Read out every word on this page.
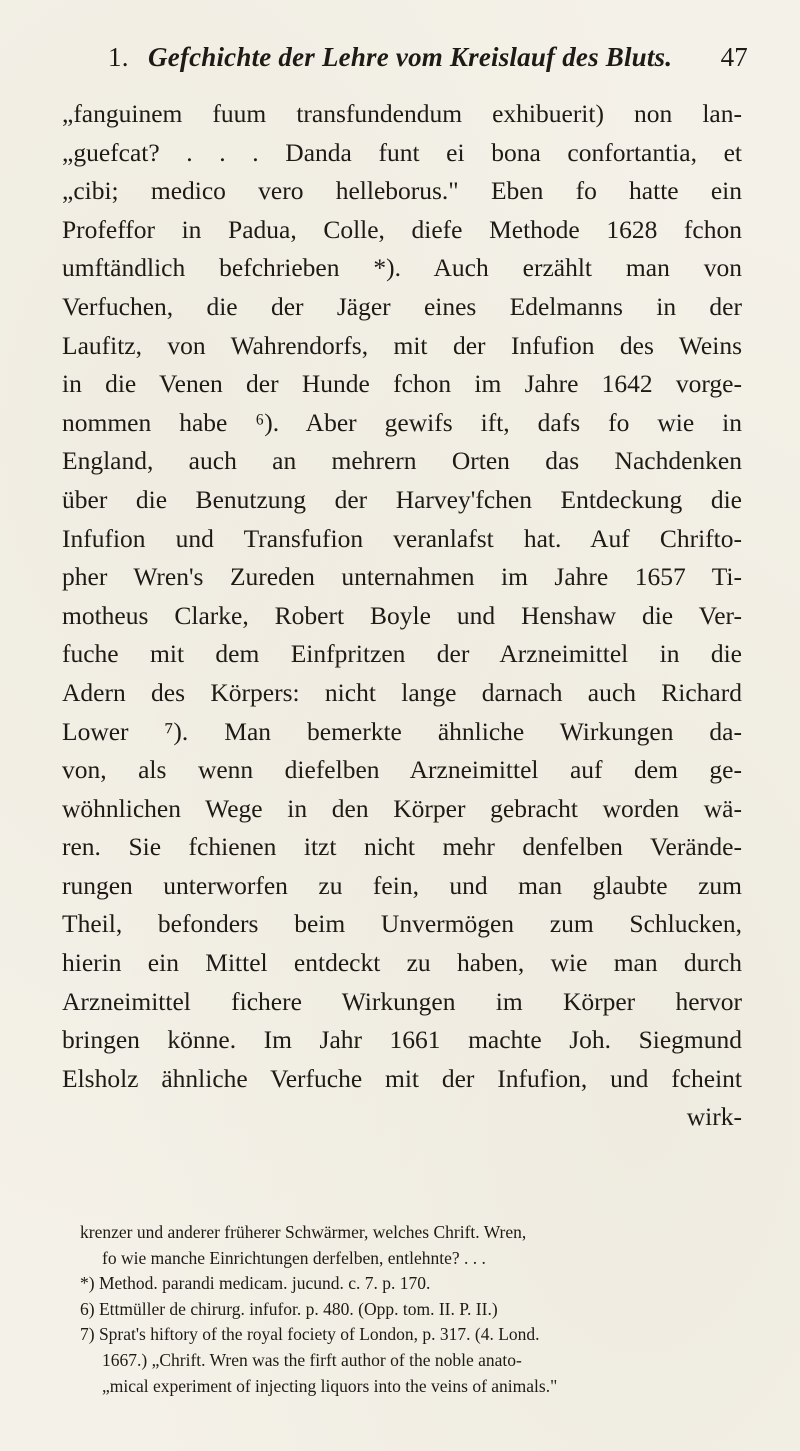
1. Gefchichte der Lehre vom Kreislauf des Bluts. 47
„fanguinem fuum transfundendum exhibuerit) non lan-
„guefcat? . . . Danda funt ei bona confortantia, et
„cibi; medico vero helleborus." Eben fo hatte ein
Profeffor in Padua, Colle, diefe Methode 1628 fchon
umftändlich befchrieben *). Auch erzählt man von
Verfuchen, die der Jäger eines Edelmanns in der
Laufitz, von Wahrendorfs, mit der Infufion des Weins
in die Venen der Hunde fchon im Jahre 1642 vorge-
nommen habe ⁶). Aber gewifs ift, dafs fo wie in
England, auch an mehrern Orten das Nachdenken
über die Benutzung der Harvey'fchen Entdeckung die
Infufion und Transfufion veranlafst hat. Auf Chrifto-
pher Wren's Zureden unternahmen im Jahre 1657 Ti-
motheus Clarke, Robert Boyle und Henshaw die Ver-
fuche mit dem Einfpritzen der Arzneimittel in die
Adern des Körpers: nicht lange darnach auch Richard
Lower ⁷). Man bemerkte ähnliche Wirkungen da-
von, als wenn diefelben Arzneimittel auf dem ge-
wöhnlichen Wege in den Körper gebracht worden wä-
ren. Sie fchienen itzt nicht mehr denfelben Verände-
rungen unterworfen zu fein, und man glaubte zum
Theil, befonders beim Unvermögen zum Schlucken,
hierin ein Mittel entdeckt zu haben, wie man durch
Arzneimittel fichere Wirkungen im Körper hervor
bringen könne. Im Jahr 1661 machte Joh. Siegmund
Elsholz ähnliche Verfuche mit der Infufion, und fcheint
wirk-
krenzer und anderer früherer Schwärmer, welches Chrift. Wren,
fo wie manche Einrichtungen derfelben, entlehnte? . . .
*) Method. parandi medicam. jucund. c. 7. p. 170.
6) Ettmüller de chirurg. infufor. p. 480. (Opp. tom. II. P. II.)
7) Sprat's hiftory of the royal fociety of London, p. 317. (4. Lond.
1667.) „Chrift. Wren was the firft author of the noble anato-
„mical experiment of injecting liquors into the veins of animals."
